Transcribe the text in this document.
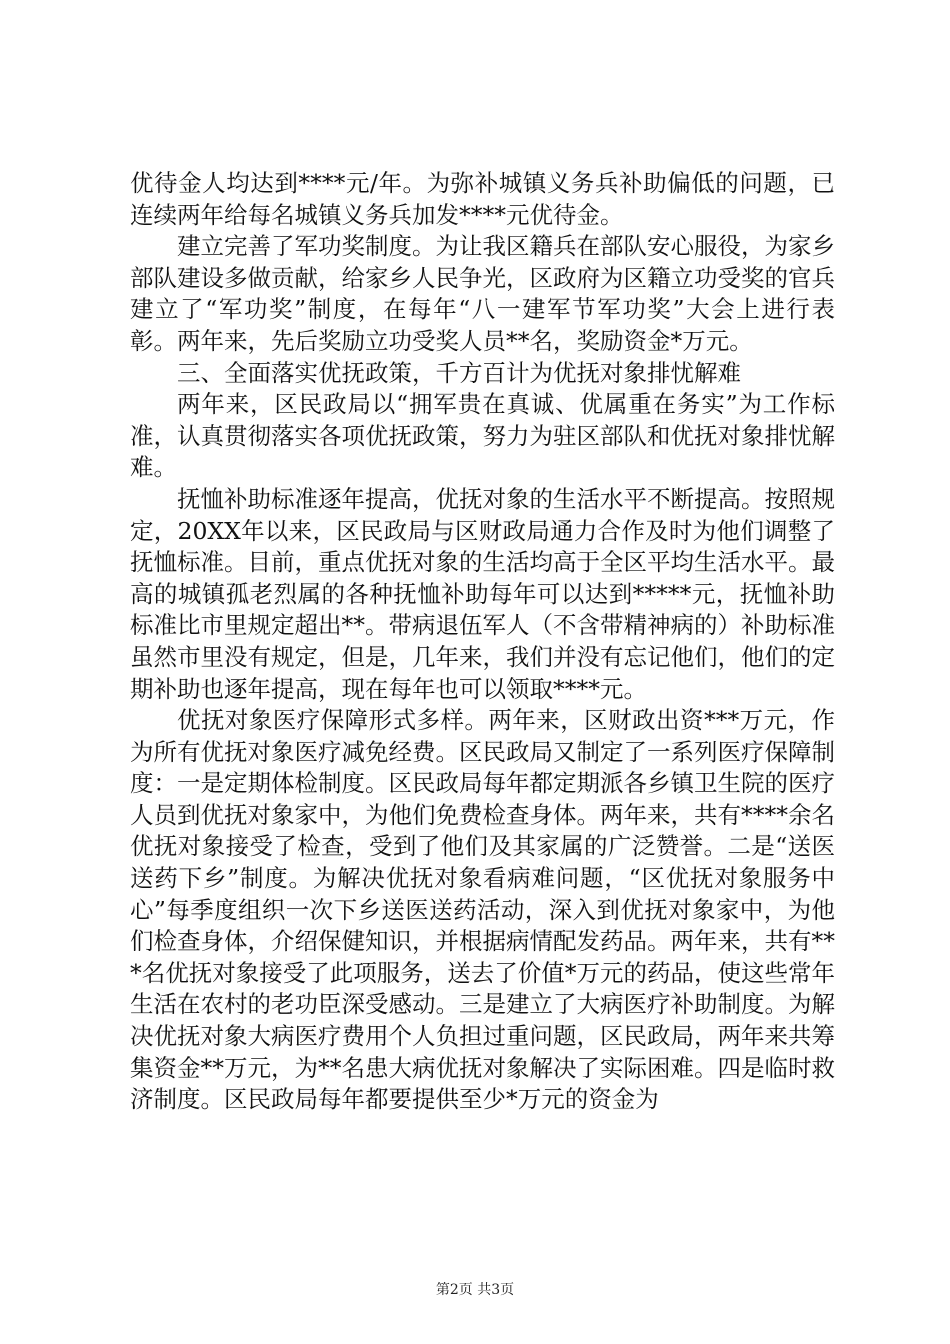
优待金人均达到****元/年。为弥补城镇义务兵补助偏低的问题，已连续两年给每名城镇义务兵加发****元优待金。

建立完善了军功奖制度。为让我区籍兵在部队安心服役，为家乡部队建设多做贡献，给家乡人民争光，区政府为区籍立功受奖的官兵建立了“军功奖”制度，在每年“八一建军节军功奖”大会上进行表彰。两年来，先后奖励立功受奖人员**名，奖励资金*万元。

三、全面落实优抚政策，千方百计为优抚对象排忧解难

两年来，区民政局以“拥军贵在真诚、优属重在务实”为工作标准，认真贯彻落实各项优抚政策，努力为驻区部队和优抚对象排忧解难。

抚恤补助标准逐年提高，优抚对象的生活水平不断提高。按照规定，20XX年以来，区民政局与区财政局通力合作及时为他们调整了抚恤标准。目前，重点优抚对象的生活均高于全区平均生活水平。最高的城镇孤老烈属的各种抚恤补助每年可以达到*****元，抚恤补助标准比市里规定超出**。带病退伍军人（不含带精神病的）补助标准虽然市里没有规定，但是，几年来，我们并没有忘记他们，他们的定期补助也逐年提高，现在每年也可以领取****元。

优抚对象医疗保障形式多样。两年来，区财政出资***万元，作为所有优抚对象医疗减免经费。区民政局又制定了一系列医疗保障制度：一是定期体检制度。区民政局每年都定期派各乡镇卫生院的医疗人员到优抚对象家中，为他们免费检查身体。两年来，共有****余名优抚对象接受了检查，受到了他们及其家属的广泛赞誉。二是“送医送药下乡”制度。为解决优抚对象看病难问题，“区优抚对象服务中心”每季度组织一次下乡送医送药活动，深入到优抚对象家中，为他们检查身体，介绍保健知识，并根据病情配发药品。两年来，共有***名优抚对象接受了此项服务，送去了价值*万元的药品，使这些常年生活在农村的老功臣深受感动。三是建立了大病医疗补助制度。为解决优抚对象大病医疗费用个人负担过重问题，区民政局，两年来共筹集资金**万元，为**名患大病优抚对象解决了实际困难。四是临时救济制度。区民政局每年都要提供至少*万元的资金为

第2页 共3页
